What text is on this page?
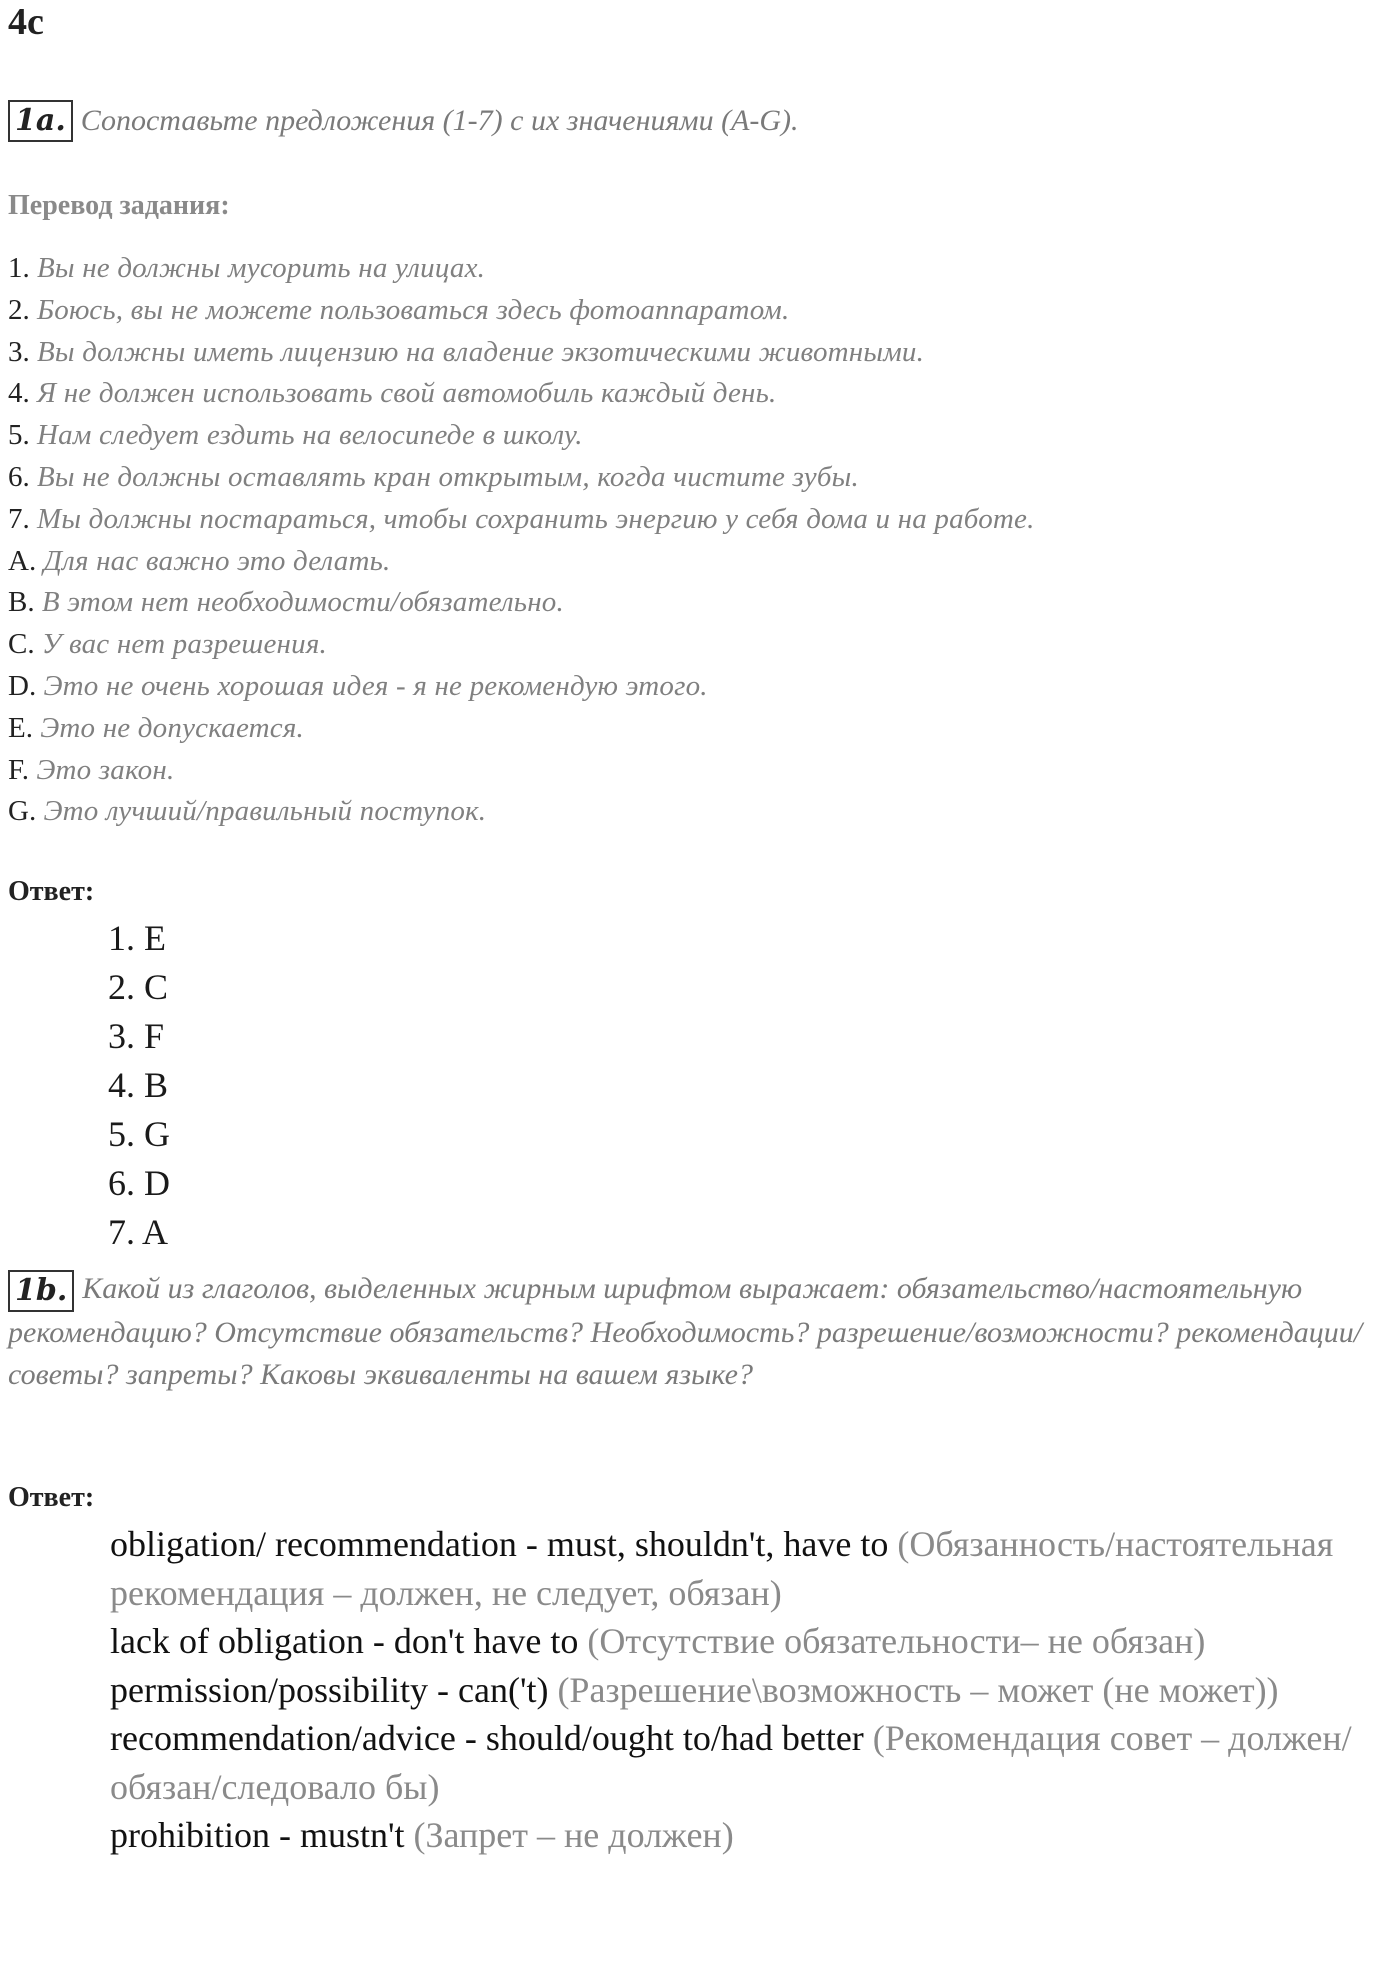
4c
1a. Сопоставьте предложения (1-7) с их значениями (A-G).
Перевод задания:
1. Вы не должны мусорить на улицах.
2. Боюсь, вы не можете пользоваться здесь фотоаппаратом.
3. Вы должны иметь лицензию на владение экзотическими животными.
4. Я не должен использовать свой автомобиль каждый день.
5. Нам следует ездить на велосипеде в школу.
6. Вы не должны оставлять кран открытым, когда чистите зубы.
7. Мы должны постараться, чтобы сохранить энергию у себя дома и на работе.
A. Для нас важно это делать.
B. В этом нет необходимости/обязательно.
C. У вас нет разрешения.
D. Это не очень хорошая идея - я не рекомендую этого.
E. Это не допускается.
F. Это закон.
G. Это лучший/правильный поступок.
Ответ:
1. E
2. C
3. F
4. B
5. G
6. D
7. A
1b. Какой из глаголов, выделенных жирным шрифтом выражает: обязательство/настоятельную рекомендацию? Отсутствие обязательств? Необходимость? разрешение/возможности? рекомендации/советы? запреты? Каковы эквиваленты на вашем языке?
Ответ:
obligation/ recommendation - must, shouldn't, have to (Обязанность/настоятельная рекомендация – должен, не следует, обязан)
lack of obligation - don't have to (Отсутствие обязательности– не обязан)
permission/possibility - can('t) (Разрешение\возможность – может (не может))
recommendation/advice - should/ought to/had better (Рекомендация совет – должен/обязан/следовало бы)
prohibition - mustn't (Запрет – не должен)
